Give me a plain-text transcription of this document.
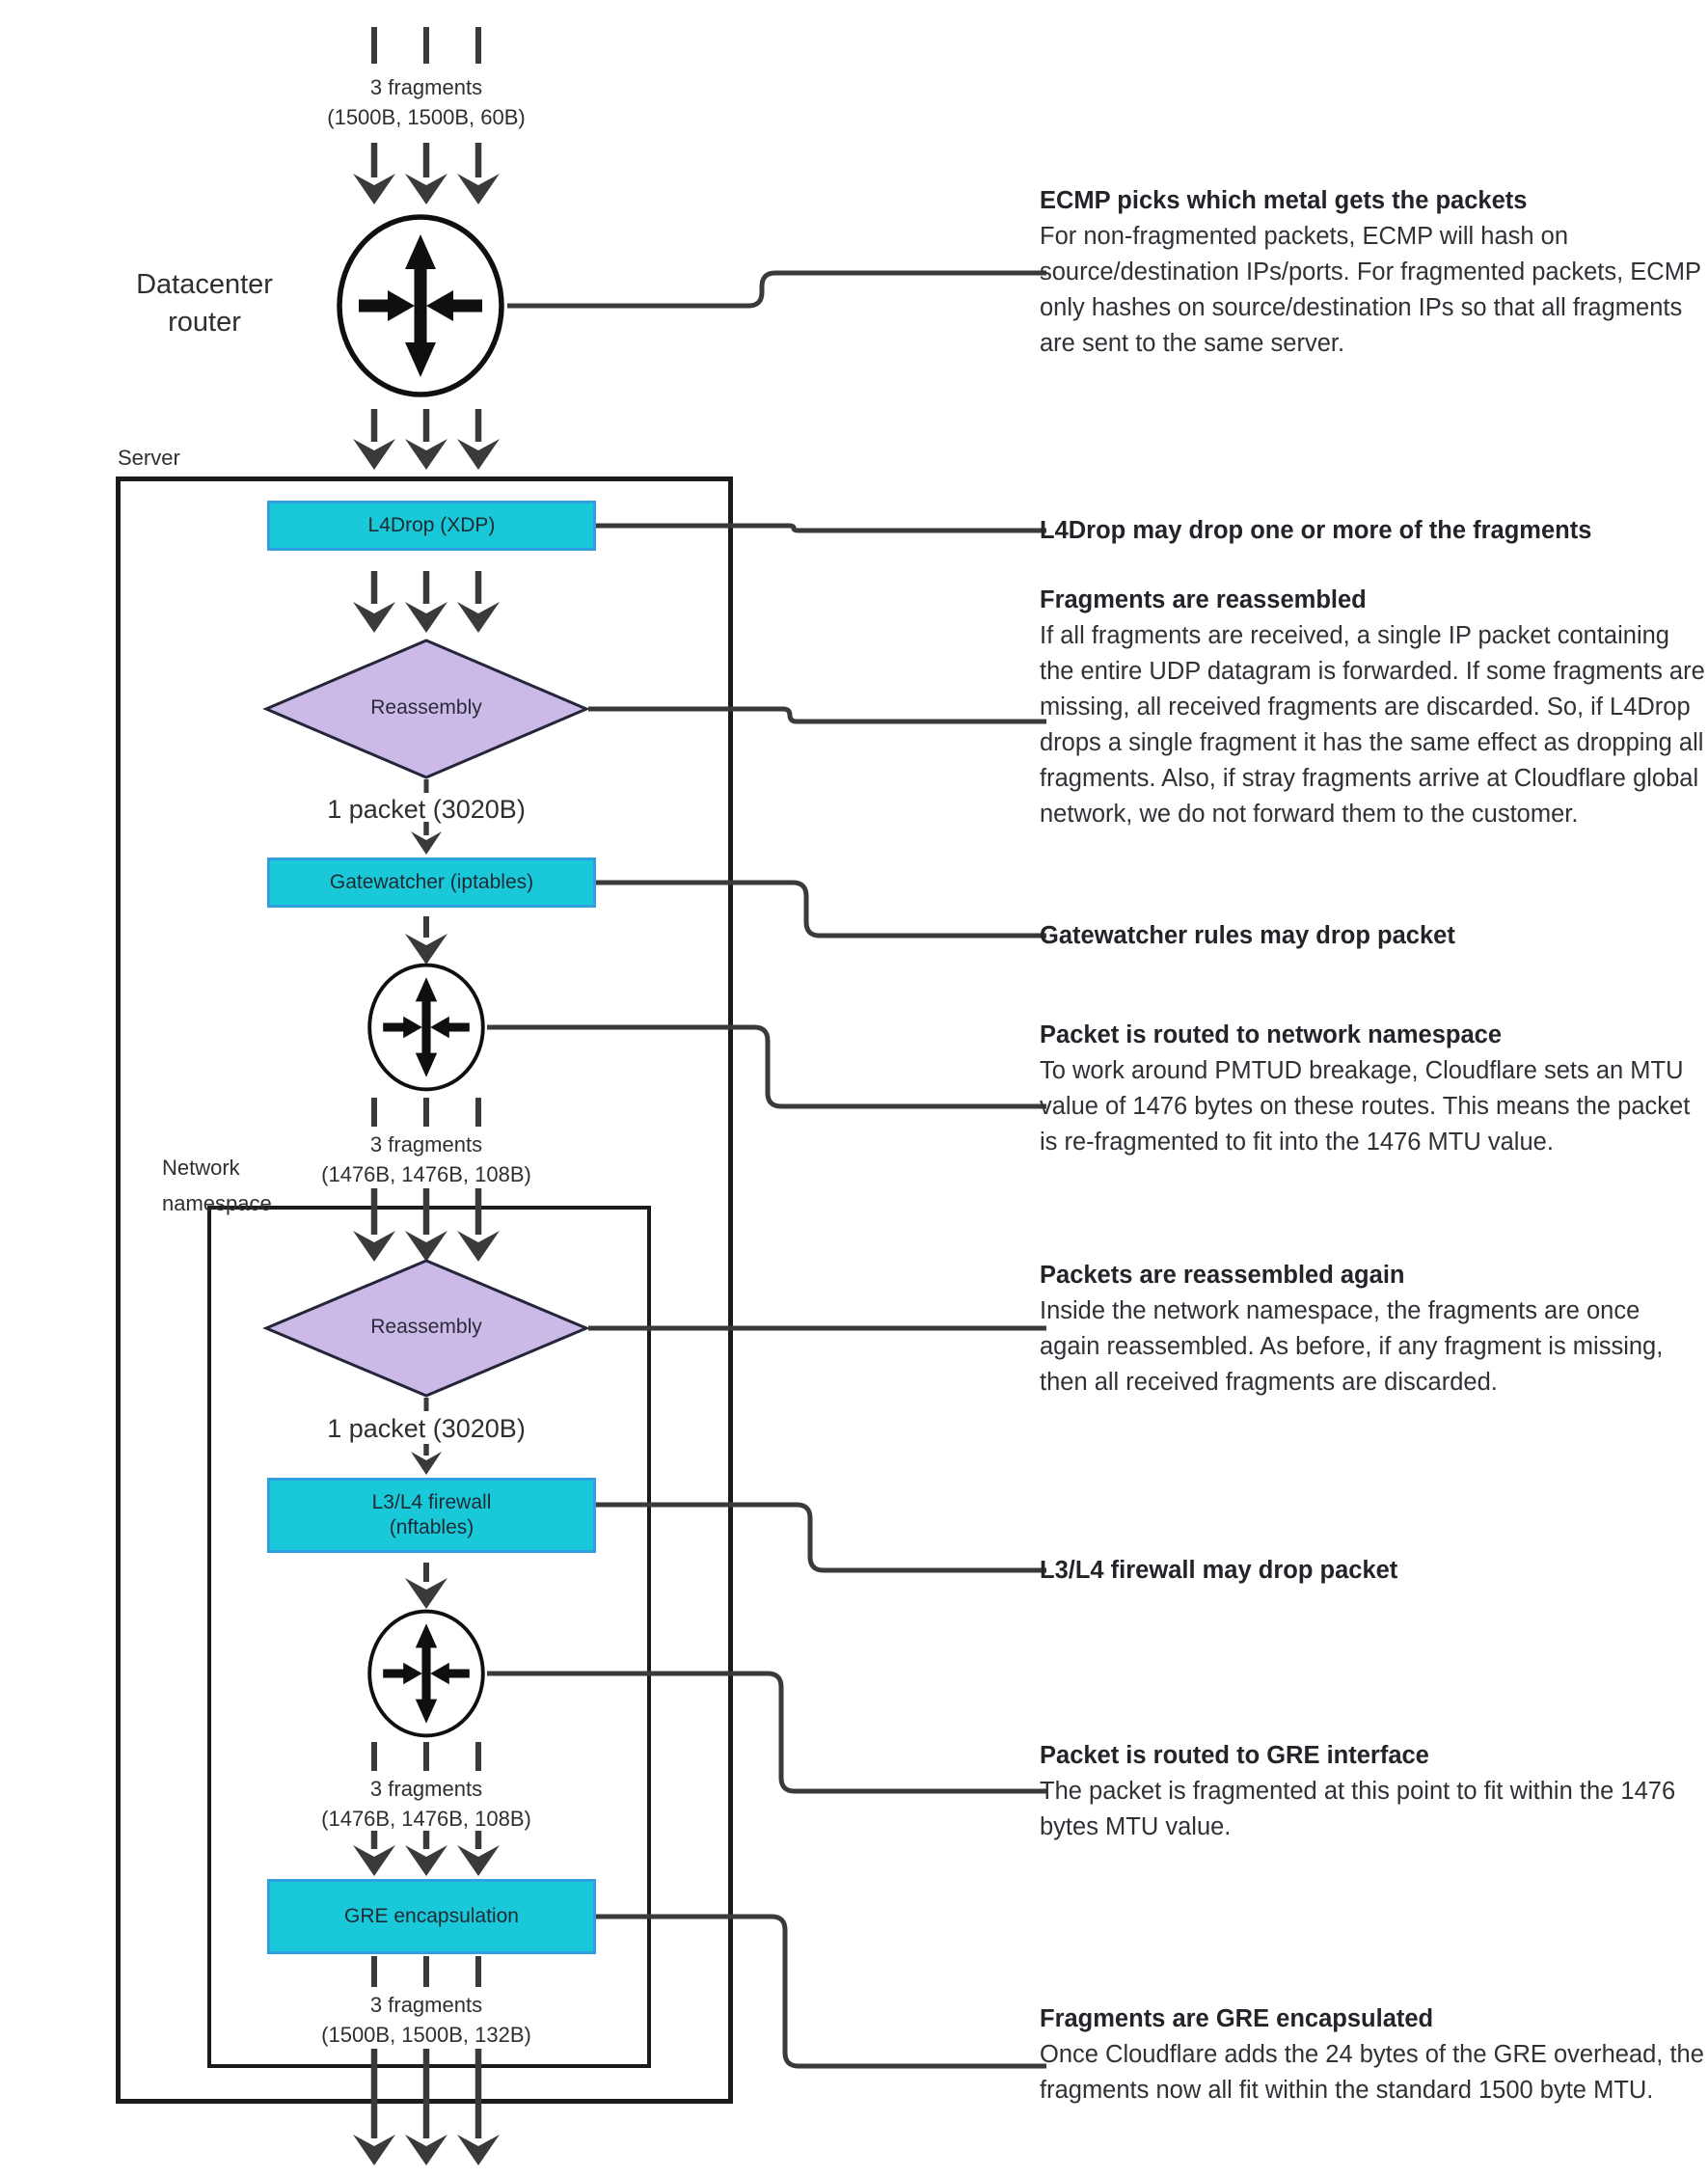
L4Drop (XDP)
Gatewatcher (iptables)
L3/L4 firewall
(nftables)
GRE encapsulation
3 fragments
(1500B, 1500B, 60B)
Datacenter router
Server
Reassembly
1 packet (3020B)
3 fragments
(1476B, 1476B, 108B)
Network namespace
Reassembly
1 packet (3020B)
3 fragments
(1476B, 1476B, 108B)
3 fragments
(1500B, 1500B, 132B)
ECMP picks which metal gets the packets
For non-fragmented packets, ECMP will hash on source/destination IPs/ports. For fragmented packets, ECMP only hashes on source/destination IPs so that all fragments are sent to the same server.
L4Drop may drop one or more of the fragments
Fragments are reassembled
If all fragments are received, a single IP packet containing the entire UDP datagram is forwarded. If some fragments are missing, all received fragments are discarded. So, if L4Drop drops a single fragment it has the same effect as dropping all fragments. Also, if stray fragments arrive at Cloudflare global network, we do not forward them to the customer.
Gatewatcher rules may drop packet
Packet is routed to network namespace
To work around PMTUD breakage, Cloudflare sets an MTU value of 1476 bytes on these routes. This means the packet is re-fragmented to fit into the 1476 MTU value.
Packets are reassembled again
Inside the network namespace, the fragments are once again reassembled. As before, if any fragment is missing, then all received fragments are discarded.
L3/L4 firewall may drop packet
Packet is routed to GRE interface
The packet is fragmented at this point to fit within the 1476 bytes MTU value.
Fragments are GRE encapsulated
Once Cloudflare adds the 24 bytes of the GRE overhead, the fragments now all fit within the standard 1500 byte MTU.
